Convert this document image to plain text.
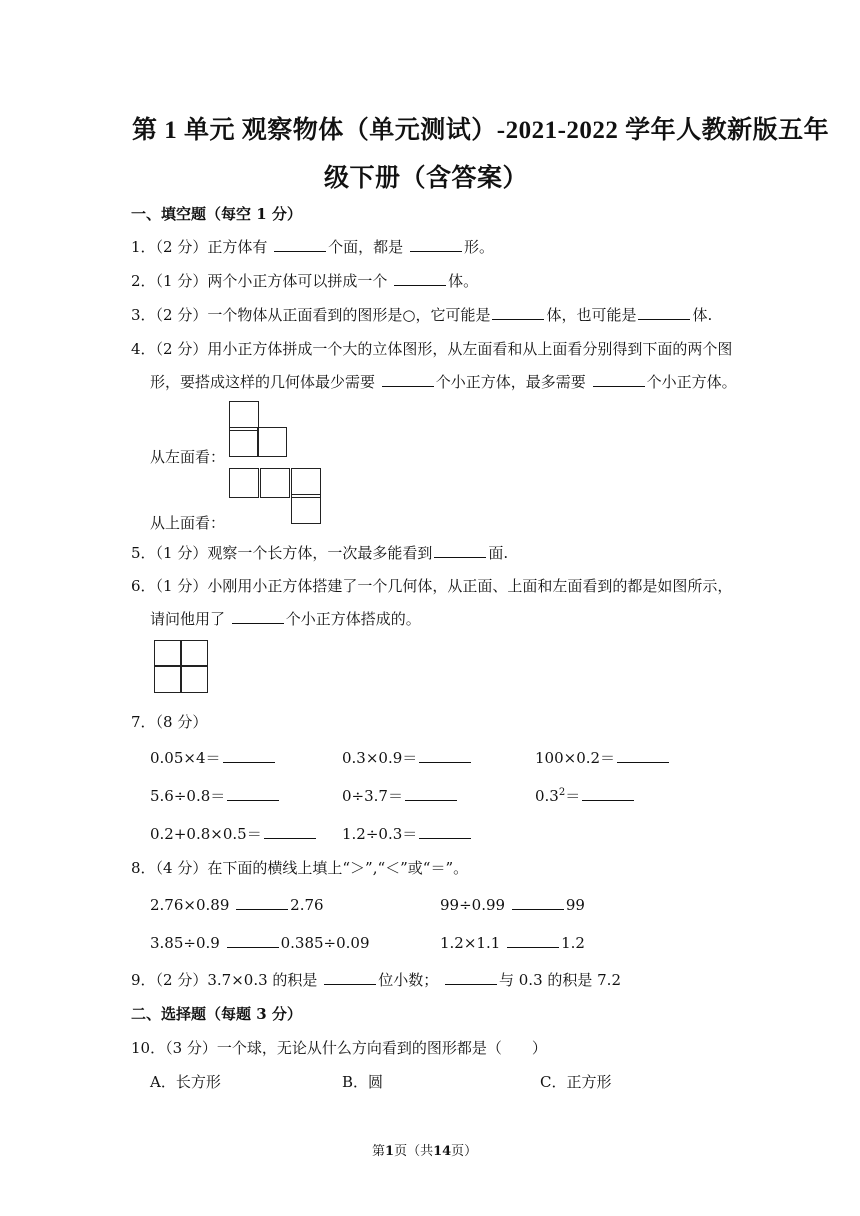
第 1 单元 观察物体（单元测试）-2021-2022 学年人教新版五年
级下册（含答案）
一、填空题（每空 1 分）
1．（2 分）正方体有	个面，都是	形。
2．（1 分）两个小正方体可以拼成一个	体。
3．（2 分）一个物体从正面看到的图形是○，它可能是	体，也可能是	体.
4．（2 分）用小正方体拼成一个大的立体图形，从左面看和从上面看分别得到下面的两个图
形，要搭成这样的几何体最少需要	个小正方体，最多需要	个小正方体。
从左面看：
从上面看：
5．（1 分）观察一个长方体，一次最多能看到	面.
6．（1 分）小刚用小正方体搭建了一个几何体，从正面、上面和左面看到的都是如图所示，
请问他用了	个小正方体搭成的。
7．（8 分）
0.05×4＝	0.3×0.9＝	100×0.2＝
5.6÷0.8＝	0÷3.7＝	$0.3^2=$
0.2+0.8×0.5＝	1.2÷0.3＝
8．（4 分）在下面的横线上填上“＞”,“＜”或“＝”。
2.76×0.89	2.76	99÷0.99	99
3.85÷0.9	0.385÷0.09	1.2×1.1	1.2
9．（2 分）3.7×0.3 的积是	位小数；	与 0.3 的积是 7.2
二、选择题（每题 3 分）
10．（3 分）一个球，无论从什么方向看到的图形都是（　　）
A．长方形	B．圆	C．正方形
第1页（共14页）
